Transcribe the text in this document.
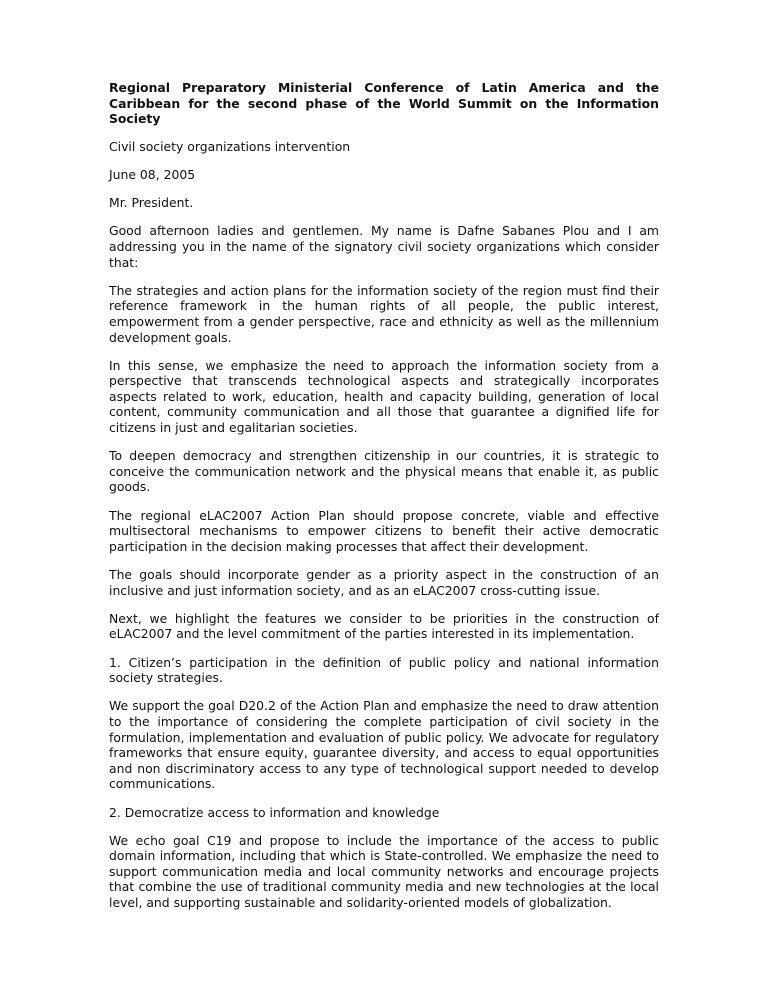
Regional Preparatory Ministerial Conference of Latin America and the Caribbean for the second phase of the World Summit on the Information Society

Civil society organizations intervention

June 08, 2005

Mr. President.

Good afternoon ladies and gentlemen. My name is Dafne Sabanes Plou and I am addressing you in the name of the signatory civil society organizations which consider that:

The strategies and action plans for the information society of the region must find their reference framework in the human rights of all people, the public interest, empowerment from a gender perspective, race and ethnicity as well as the millennium development goals.

In this sense, we emphasize the need to approach the information society from a perspective that transcends technological aspects and strategically incorporates aspects related to work, education, health and capacity building, generation of local content, community communication and all those that guarantee a dignified life for citizens in just and egalitarian societies.

To deepen democracy and strengthen citizenship in our countries, it is strategic to conceive the communication network and the physical means that enable it, as public goods.

The regional eLAC2007 Action Plan should propose concrete, viable and effective multisectoral mechanisms to empower citizens to benefit their active democratic participation in the decision making processes that affect their development.

The goals should incorporate gender as a priority aspect in the construction of an inclusive and just information society, and as an eLAC2007 cross-cutting issue.

Next, we highlight the features we consider to be priorities in the construction of eLAC2007 and the level commitment of the parties interested in its implementation.

1. Citizen’s participation in the definition of public policy and national information society strategies.

We support the goal D20.2 of the Action Plan and emphasize the need to draw attention to the importance of considering the complete participation of civil society in the formulation, implementation and evaluation of public policy. We advocate for regulatory frameworks that ensure equity, guarantee diversity, and access to equal opportunities and non discriminatory access to any type of technological support needed to develop communications.

2. Democratize access to information and knowledge

We echo goal C19 and propose to include the importance of the access to public domain information, including that which is State-controlled. We emphasize the need to support communication media and local community networks and encourage projects that combine the use of traditional community media and new technologies at the local level, and supporting sustainable and solidarity-oriented models of globalization.
